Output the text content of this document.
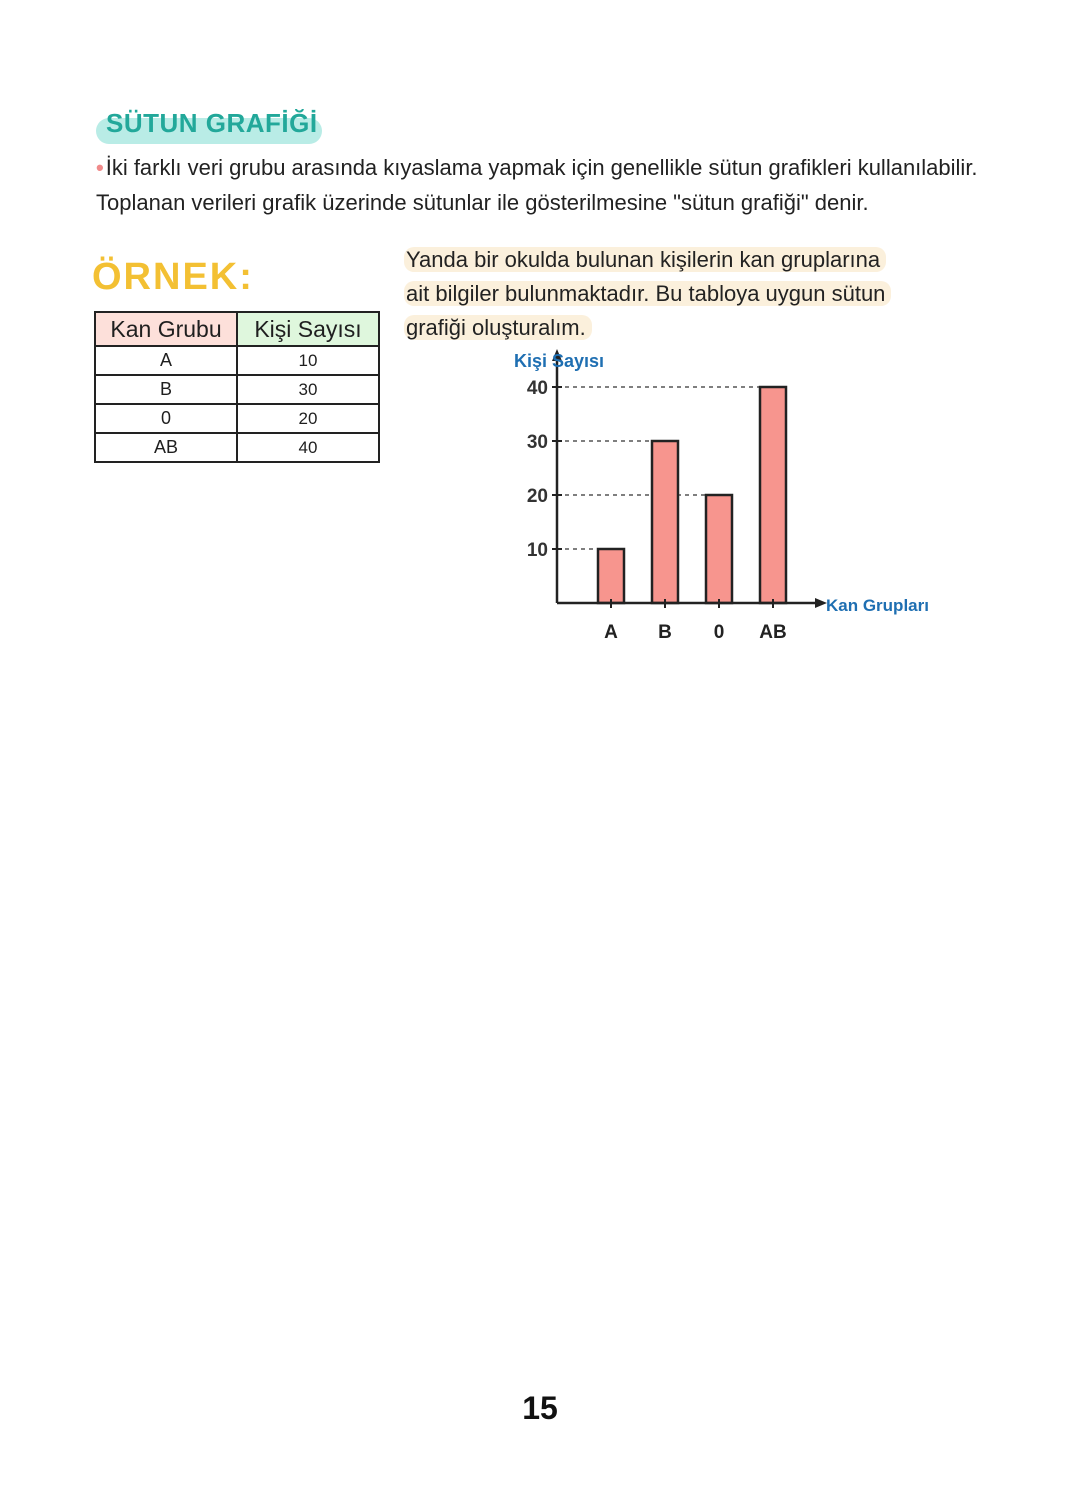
SÜTUN GRAFİĞİ
•İki farklı veri grubu arasında kıyaslama yapmak için genellikle sütun grafikleri kullanılabilir. Toplanan verileri grafik üzerinde sütunlar ile gösterilmesine "sütun grafiği" denir.
ÖRNEK:	Yanda bir okulda bulunan kişilerin kan gruplarına
ait bilgiler bulunmaktadır. Bu tabloya uygun sütun
grafiği oluşturalım.
Kan Grubu	Kişi Sayısı
A	10
B	30
0	20
AB	40
10
20
30
40
A B 0 AB
Kişi Sayısı
Kan Grupları
15
